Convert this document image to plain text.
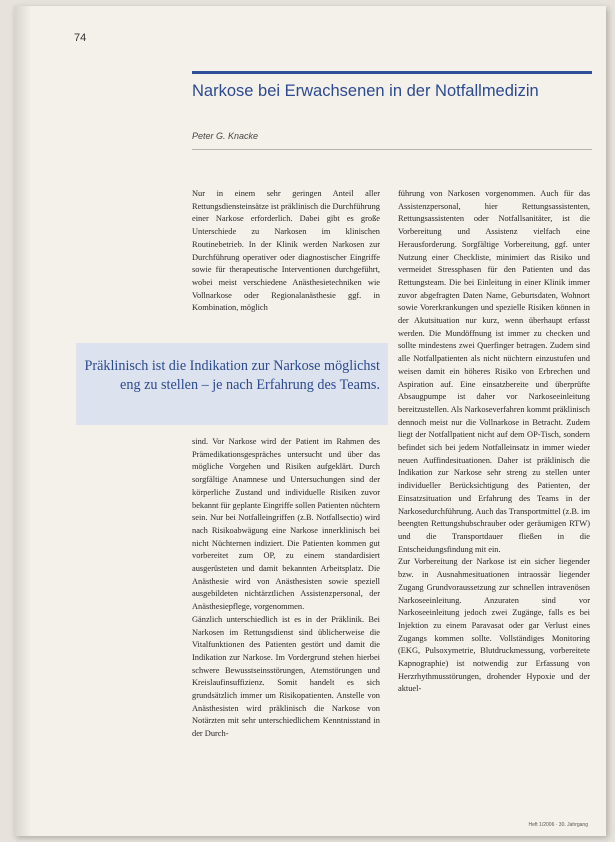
74
Narkose bei Erwachsenen in der Notfallmedizin
Peter G. Knacke

Nur in einem sehr geringen Anteil aller Rettungsdiensteinsätze ist präklinisch die Durchführung einer Narkose erforderlich. Dabei gibt es große Unterschiede zu Narkosen im klinischen Routinebetrieb. In der Klinik werden Narkosen zur Durchführung operativer oder diagnostischer Eingriffe sowie für therapeutische Interventionen durchgeführt, wobei meist verschiedene Anästhesietechniken wie Vollnarkose oder Regionalanästhesie ggf. in Kombination, möglich

Präklinisch ist die Indikation zur Narkose möglichst eng zu stellen – je nach Erfahrung des Teams.

sind. Vor Narkose wird der Patient im Rahmen des Prämedikationsgespräches untersucht und über das mögliche Vorgehen und Risiken aufgeklärt. Durch sorgfältige Anamnese und Untersuchungen sind der körperliche Zustand und individuelle Risiken zuvor bekannt für geplante Eingriffe sollen Patienten nüchtern sein. Nur bei Notfalleingriffen (z.B. Notfallsectio) wird nach Risikoabwägung eine Narkose innerklinisch bei nicht Nüchternen indiziert. Die Patienten kommen gut vorbereitet zum OP, zu einem standardisiert ausgerüsteten und damit bekannten Arbeitsplatz. Die Anästhesie wird von Anästhesisten sowie speziell ausgebildeten nichtärztlichen Assistenzpersonal, der Anästhesiepflege, vorgenommen.

Gänzlich unterschiedlich ist es in der Präklinik. Bei Narkosen im Rettungsdienst sind üblicherweise die Vitalfunktionen des Patienten gestört und damit die Indikation zur Narkose. Im Vordergrund stehen hierbei schwere Bewusstseinsstörungen, Atemstörungen und Kreislaufinsuffizienz. Somit handelt es sich grundsätzlich immer um Risikopatienten. Anstelle von Anästhesisten wird präklinisch die Narkose von Notärzten mit sehr unterschiedlichem Kenntnisstand in der Durch-

führung von Narkosen vorgenommen. Auch für das Assistenzpersonal, hier Rettungsassistenten, Rettungsassistenten oder Notfallsanitäter, ist die Vorbereitung und Assistenz vielfach eine Herausforderung. Sorgfältige Vorbereitung, ggf. unter Nutzung einer Checkliste, minimiert das Risiko und vermeidet Stressphasen für den Patienten und das Rettungsteam. Die bei Einleitung in einer Klinik immer zuvor abgefragten Daten Name, Geburtsdaten, Wohnort sowie Vorerkrankungen und spezielle Risiken können in der Akutsituation nur kurz, wenn überhaupt erfasst werden. Die Mundöffnung ist immer zu checken und sollte mindestens zwei Querfinger betragen. Zudem sind alle Notfallpatienten als nicht nüchtern einzustufen und weisen damit ein höheres Risiko von Erbrechen und Aspiration auf. Eine einsatzbereite und überprüfte Absaugpumpe ist daher vor Narkoseeinleitung bereitzustellen. Als Narkoseverfahren kommt präklinisch dennoch meist nur die Vollnarkose in Betracht. Zudem liegt der Notfallpatient nicht auf dem OP-Tisch, sondern befindet sich bei jedem Notfalleinsatz in immer wieder neuen Auffindesituationen. Daher ist präklinisch die Indikation zur Narkose sehr streng zu stellen unter individueller Berücksichtigung des Patienten, der Einsatzsituation und Erfahrung des Teams in der Narkosedurchführung. Auch das Transportmittel (z.B. im beengten Rettungshubschrauber oder geräumigen RTW) und die Transportdauer fließen in die Entscheidungsfindung mit ein.

Zur Vorbereitung der Narkose ist ein sicher liegender bzw. in Ausnahmesituationen intraossär liegender Zugang Grundvoraussetzung zur schnellen intravenösen Narkoseeinleitung. Anzuraten sind vor Narkoseeinleitung jedoch zwei Zugänge, falls es bei Injektion zu einem Paravasat oder gar Verlust eines Zugangs kommen sollte. Vollständiges Monitoring (EKG, Pulsoxymetrie, Blutdruckmessung, vorbereitete Kapnographie) ist notwendig zur Erfassung von Herzrhythmusstörungen, drohender Hypoxie und der aktuel-

Heft 1/2006 · 30. Jahrgang
